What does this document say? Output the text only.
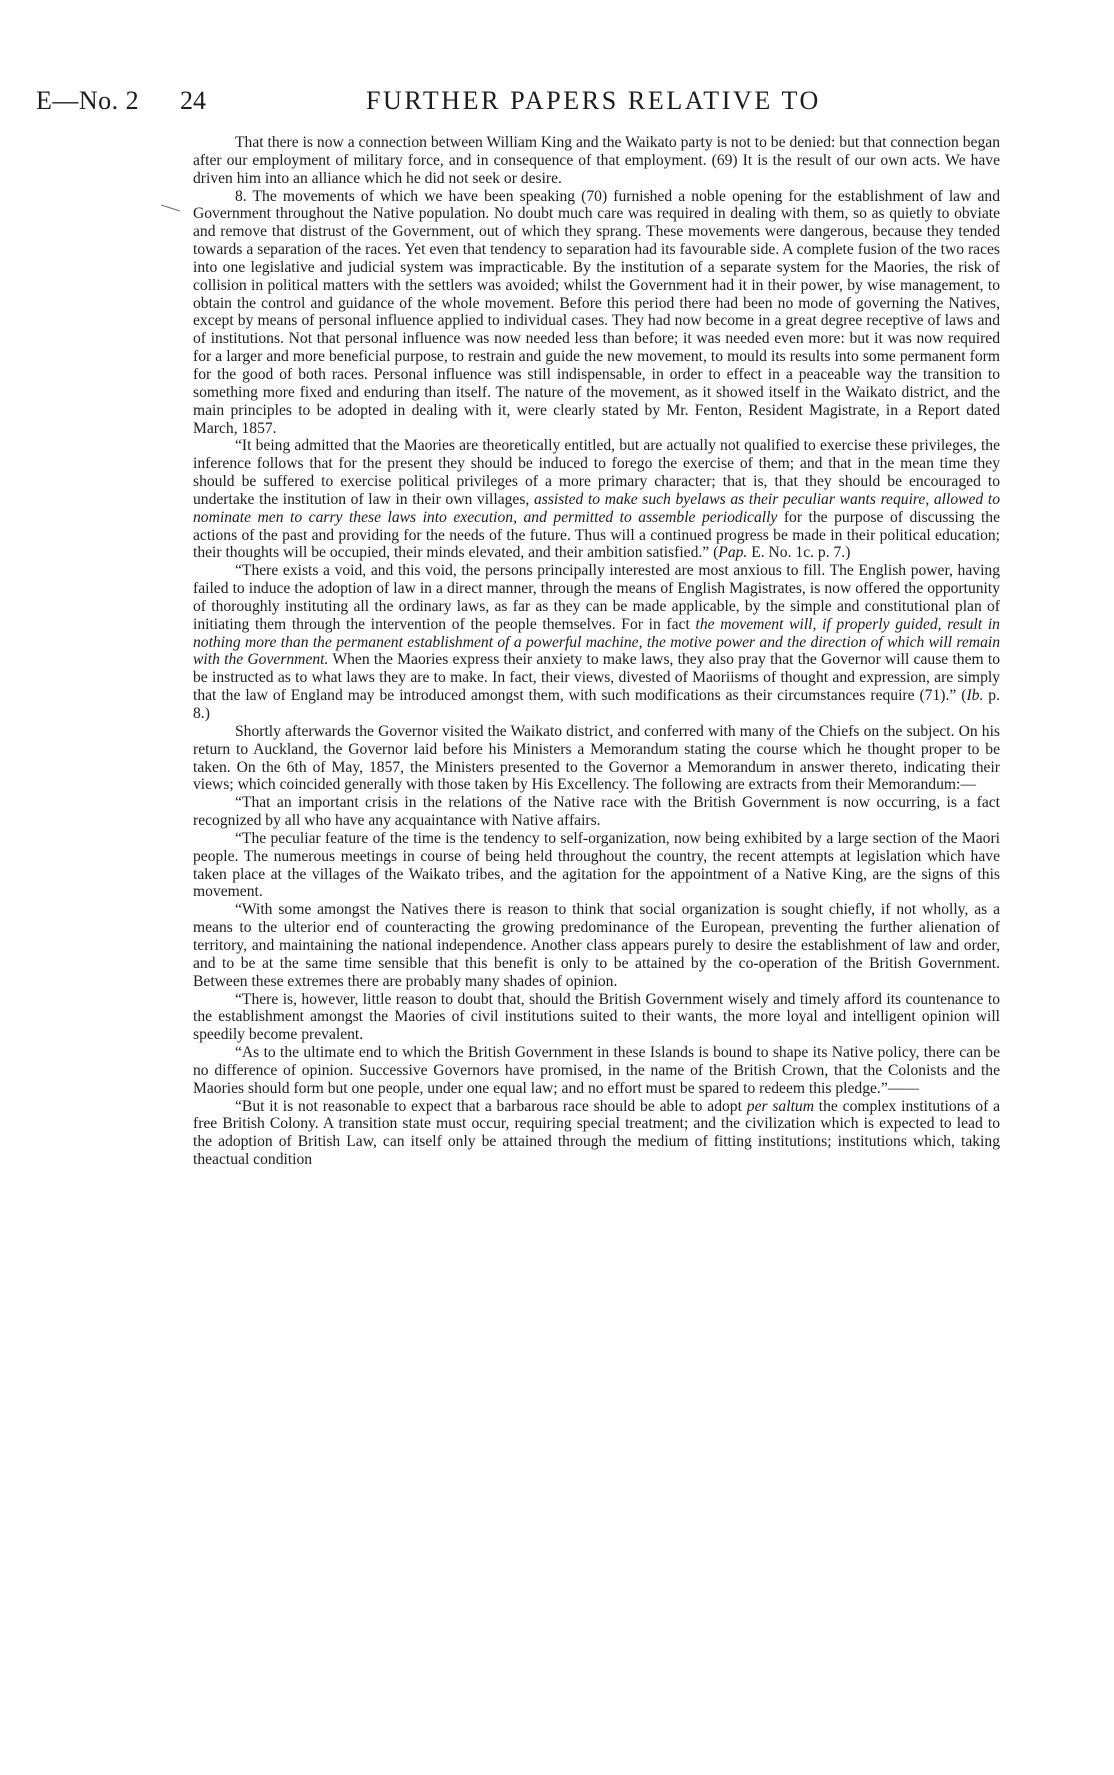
E—No. 2 24	FURTHER PAPERS RELATIVE TO

That there is now a connection between William King and the Waikato party is not to be denied: but that connection began after our employment of military force, and in consequence of that employment. (69) It is the result of our own acts. We have driven him into an alliance which he did not seek or desire.

8. The movements of which we have been speaking (70) furnished a noble opening for the establishment of law and Government throughout the Native population. No doubt much care was required in dealing with them, so as quietly to obviate and remove that distrust of the Government, out of which they sprang. These movements were dangerous, because they tended towards a separation of the races. Yet even that tendency to separation had its favourable side. A complete fusion of the two races into one legislative and judicial system was impracticable. By the institution of a separate system for the Maories, the risk of collision in political matters with the settlers was avoided; whilst the Government had it in their power, by wise management, to obtain the control and guidance of the whole movement. Before this period there had been no mode of governing the Natives, except by means of personal influence applied to individual cases. They had now become in a great degree receptive of laws and of institutions. Not that personal influence was now needed less than before; it was needed even more: but it was now required for a larger and more beneficial purpose, to restrain and guide the new movement, to mould its results into some permanent form for the good of both races. Personal influence was still indispensable, in order to effect in a peaceable way the transition to something more fixed and enduring than itself. The nature of the movement, as it showed itself in the Waikato district, and the main principles to be adopted in dealing with it, were clearly stated by Mr. Fenton, Resident Magistrate, in a Report dated March, 1857.

“It being admitted that the Maories are theoretically entitled, but are actually not qualified to exercise these privileges, the inference follows that for the present they should be induced to forego the exercise of them; and that in the mean time they should be suffered to exercise political privileges of a more primary character; that is, that they should be encouraged to undertake the institution of law in their own villages, assisted to make such byelaws as their peculiar wants require, allowed to nominate men to carry these laws into execution, and permitted to assemble periodically for the purpose of discussing the actions of the past and providing for the needs of the future. Thus will a continued progress be made in their political education; their thoughts will be occupied, their minds elevated, and their ambition satisfied.” (Pap. E. No. 1c. p. 7.)

“There exists a void, and this void, the persons principally interested are most anxious to fill. The English power, having failed to induce the adoption of law in a direct manner, through the means of English Magistrates, is now offered the opportunity of thoroughly instituting all the ordinary laws, as far as they can be made applicable, by the simple and constitutional plan of initiating them through the intervention of the people themselves. For in fact the movement will, if properly guided, result in nothing more than the permanent establishment of a powerful machine, the motive power and the direction of which will remain with the Government. When the Maories express their anxiety to make laws, they also pray that the Governor will cause them to be instructed as to what laws they are to make. In fact, their views, divested of Maoriisms of thought and expression, are simply that the law of England may be introduced amongst them, with such modifications as their circumstances require (71).” (Ib. p. 8.)

Shortly afterwards the Governor visited the Waikato district, and conferred with many of the Chiefs on the subject. On his return to Auckland, the Governor laid before his Ministers a Memorandum stating the course which he thought proper to be taken. On the 6th of May, 1857, the Ministers presented to the Governor a Memorandum in answer thereto, indicating their views; which coincided generally with those taken by His Excellency. The following are extracts from their Memorandum:—

“That an important crisis in the relations of the Native race with the British Government is now occurring, is a fact recognized by all who have any acquaintance with Native affairs.

“The peculiar feature of the time is the tendency to self-organization, now being exhibited by a large section of the Maori people. The numerous meetings in course of being held throughout the country, the recent attempts at legislation which have taken place at the villages of the Waikato tribes, and the agitation for the appointment of a Native King, are the signs of this movement.

“With some amongst the Natives there is reason to think that social organization is sought chiefly, if not wholly, as a means to the ulterior end of counteracting the growing predominance of the European, preventing the further alienation of territory, and maintaining the national independence. Another class appears purely to desire the establishment of law and order, and to be at the same time sensible that this benefit is only to be attained by the co-operation of the British Government. Between these extremes there are probably many shades of opinion.

“There is, however, little reason to doubt that, should the British Government wisely and timely afford its countenance to the establishment amongst the Maories of civil institutions suited to their wants, the more loyal and intelligent opinion will speedily become prevalent.

“As to the ultimate end to which the British Government in these Islands is bound to shape its Native policy, there can be no difference of opinion. Successive Governors have promised, in the name of the British Crown, that the Colonists and the Maories should form but one people, under one equal law; and no effort must be spared to redeem this pledge.”——

“But it is not reasonable to expect that a barbarous race should be able to adopt per saltum the complex institutions of a free British Colony. A transition state must occur, requiring special treatment; and the civilization which is expected to lead to the adoption of British Law, can itself only be attained through the medium of fitting institutions; institutions which, taking theactual condition
